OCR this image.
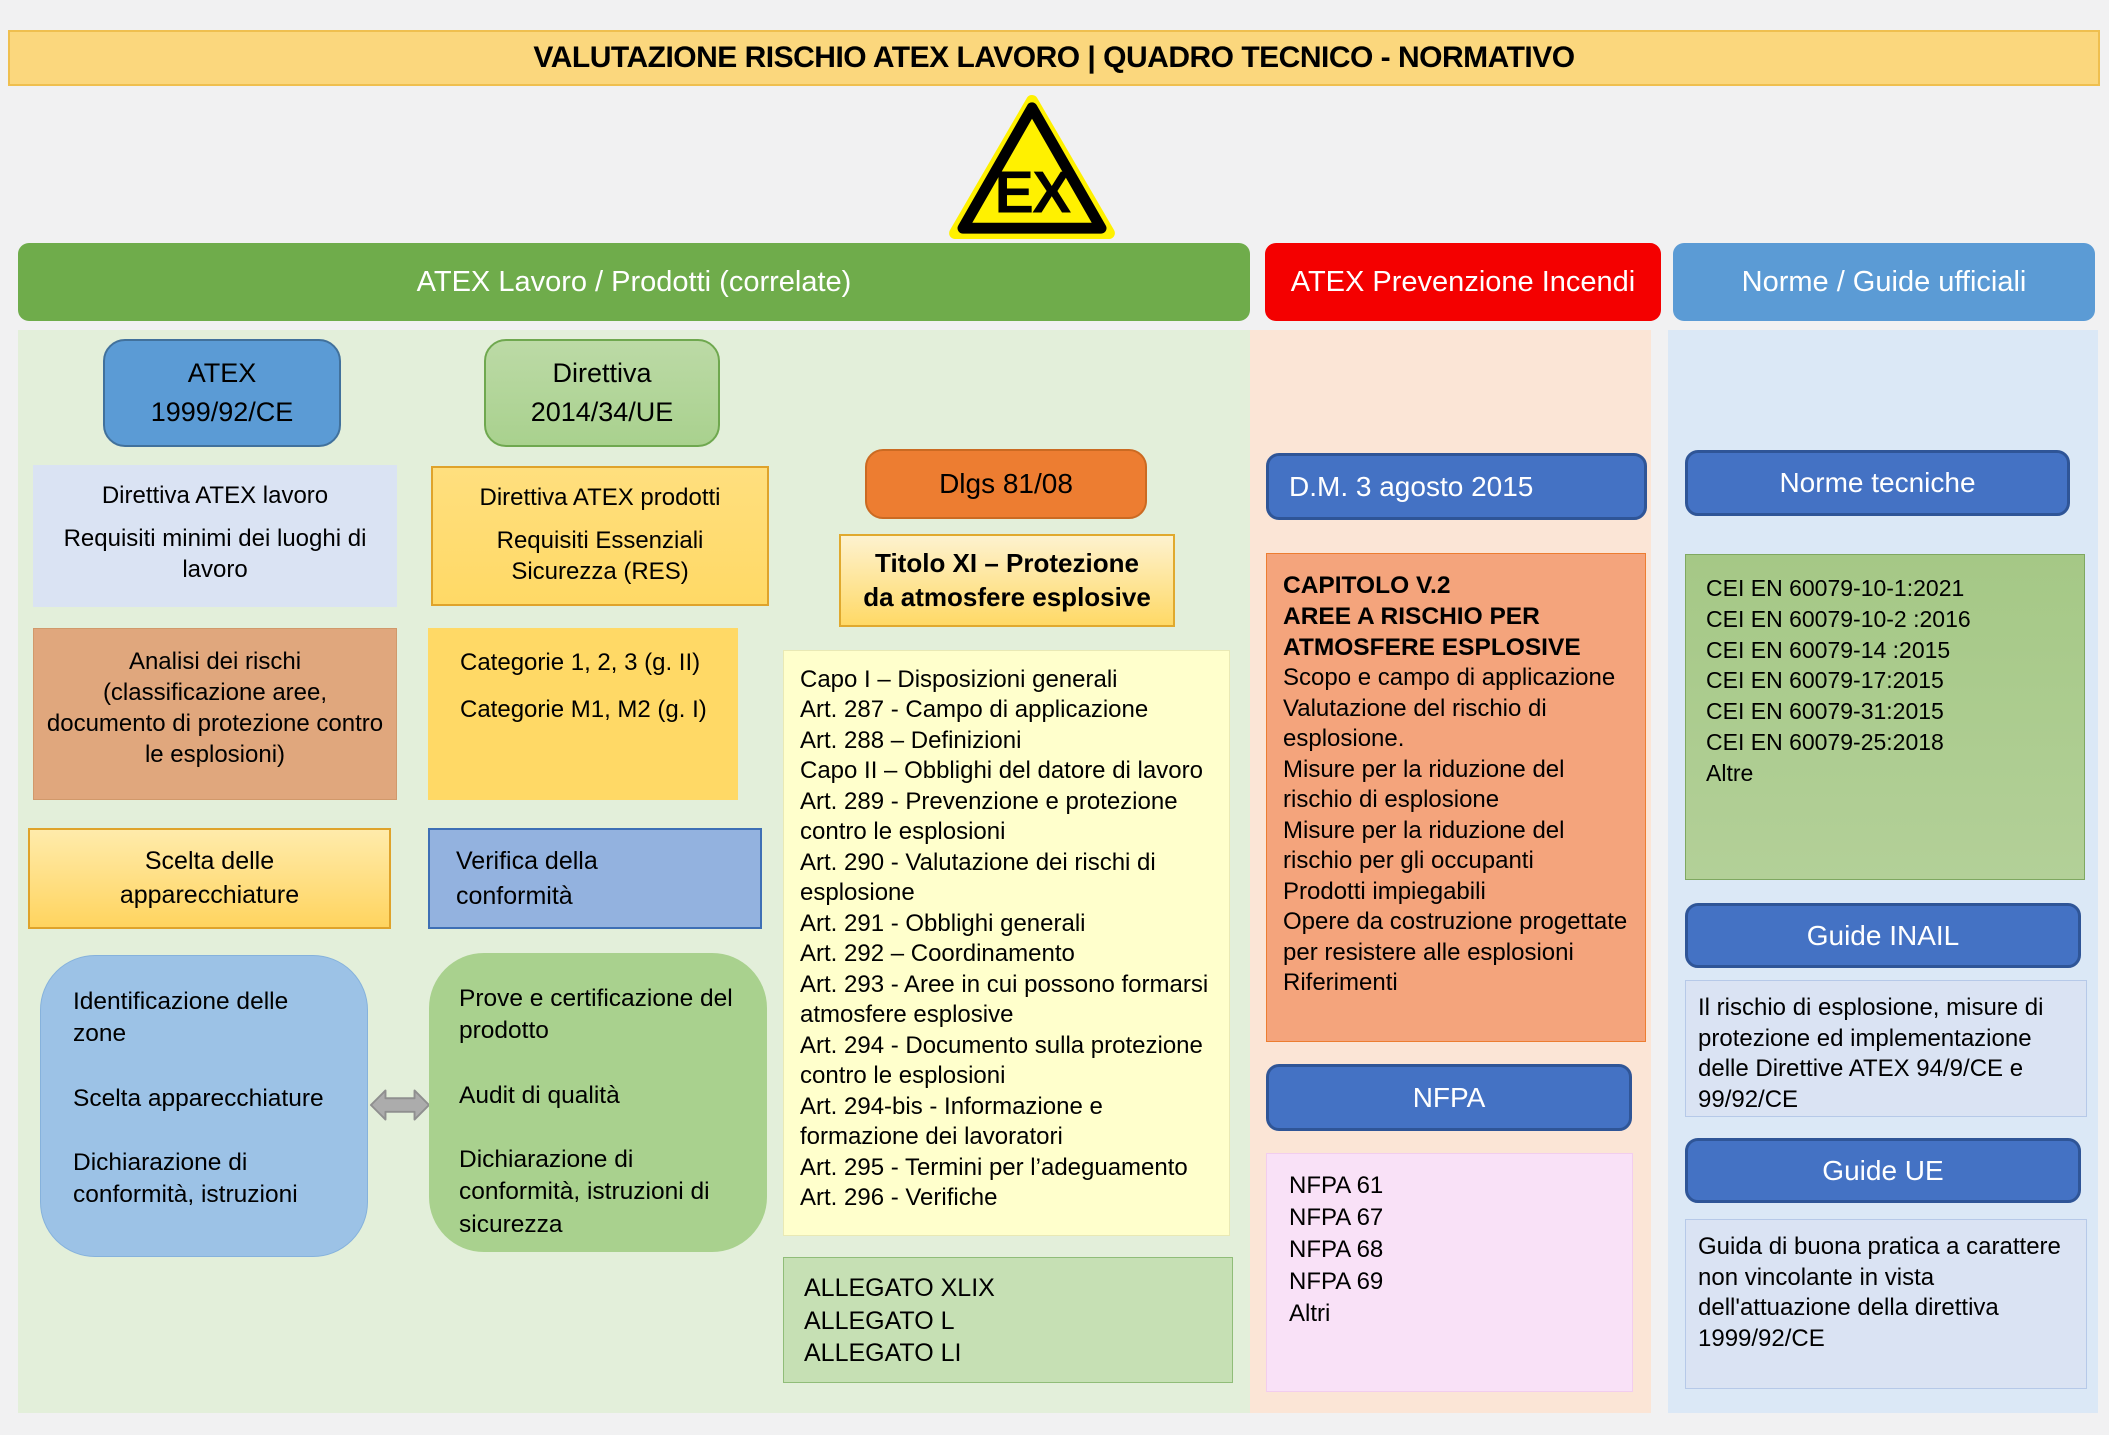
VALUTAZIONE RISCHIO ATEX LAVORO | QUADRO TECNICO - NORMATIVO
EX
ATEX Lavoro / Prodotti (correlate)	ATEX Prevenzione Incendi	Norme / Guide ufficiali
ATEX
1999/92/CE
Direttiva ATEX lavoro
Requisiti minimi dei luoghi di lavoro
Analisi dei rischi (classificazione aree, documento di protezione contro le esplosioni)
Scelta delle
apparecchiature
Identificazione delle zone
Scelta apparecchiature
Dichiarazione di conformità, istruzioni
Direttiva
2014/34/UE
Direttiva ATEX prodotti
Requisiti Essenziali Sicurezza (RES)
Categorie 1, 2, 3 (g. II)
Categorie M1, M2 (g. I)
Verifica della
conformità
Prove e certificazione del prodotto
Audit di qualità
Dichiarazione di conformità, istruzioni di sicurezza
Dlgs 81/08
Titolo XI – Protezione
da atmosfere esplosive
Capo I – Disposizioni generali
Art. 287 - Campo di applicazione
Art. 288 – Definizioni
Capo II – Obblighi del datore di lavoro
Art. 289 - Prevenzione e protezione contro le esplosioni
Art. 290 - Valutazione dei rischi di esplosione
Art. 291 - Obblighi generali
Art. 292 – Coordinamento
Art. 293 - Aree in cui possono formarsi atmosfere esplosive
Art. 294 - Documento sulla protezione contro le esplosioni
Art. 294-bis - Informazione e formazione dei lavoratori
Art. 295 - Termini per l’adeguamento
Art. 296 - Verifiche
ALLEGATO XLIX
ALLEGATO L
ALLEGATO LI
D.M. 3 agosto 2015
CAPITOLO V.2
AREE A RISCHIO PER ATMOSFERE ESPLOSIVE
Scopo e campo di applicazione
Valutazione del rischio di esplosione.
Misure per la riduzione del rischio di esplosione
Misure per la riduzione del rischio per gli occupanti
Prodotti impiegabili
Opere da costruzione progettate per resistere alle esplosioni
Riferimenti
NFPA
NFPA 61
NFPA 67
NFPA 68
NFPA 69
Altri
Norme tecniche
CEI EN 60079-10-1:2021
CEI EN 60079-10-2 :2016
CEI EN 60079-14 :2015
CEI EN 60079-17:2015
CEI EN 60079-31:2015
CEI EN 60079-25:2018
Altre
Guide INAIL
Il rischio di esplosione, misure di protezione ed implementazione delle Direttive ATEX 94/9/CE e 99/92/CE
Guide UE
Guida di buona pratica a carattere non vincolante in vista dell'attuazione della direttiva 1999/92/CE
